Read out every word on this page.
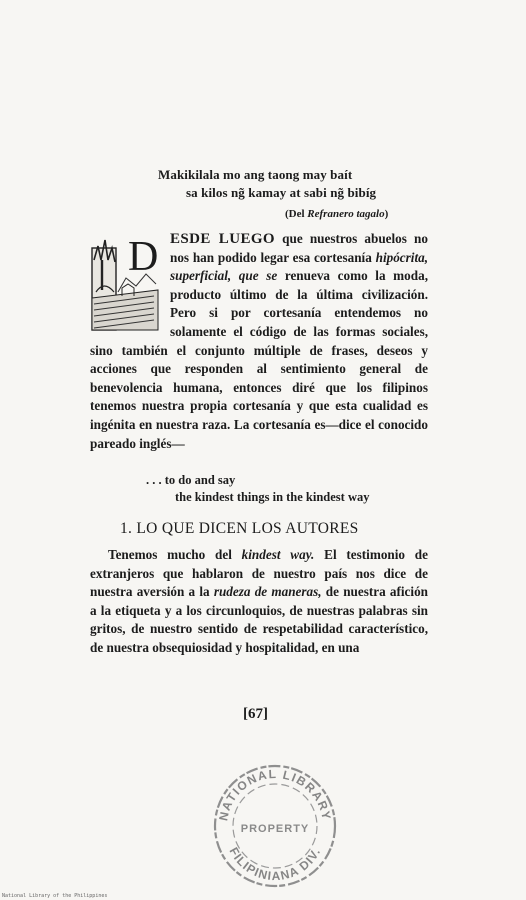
Makikilala mo ang taong may baít
sa kilos ng̃ kamay at sabi ng̃ bibíg
(Del Refranero tagalo)
D ESDE LUEGO que nuestros abuelos no nos han podido legar esa cortesanía hipócrita, superficial, que se renueva como la moda, producto último de la última civilización. Pero si por cortesanía entendemos no solamente el código de las formas sociales, sino también el conjunto múltiple de frases, deseos y acciones que responden al sentimiento general de benevolencia humana, entonces diré que los filipinos tenemos nuestra propia cortesanía y que esta cualidad es ingénita en nuestra raza. La cortesanía es—dice el conocido pareado inglés—
. . . to do and say
the kindest things in the kindest way
1. LO QUE DICEN LOS AUTORES
Tenemos mucho del kindest way. El testimonio de extranjeros que hablaron de nuestro país nos dice de nuestra aversión a la rudeza de maneras, de nuestra afición a la etiqueta y a los circunloquios, de nuestras palabras sin gritos, de nuestro sentido de respetabilidad característico, de nuestra obsequiosidad y hospitalidad, en una
[67]
NATIONAL LIBRARY
PROPERTY
FILIPINIANA DIV.
National Library of the Philippines
